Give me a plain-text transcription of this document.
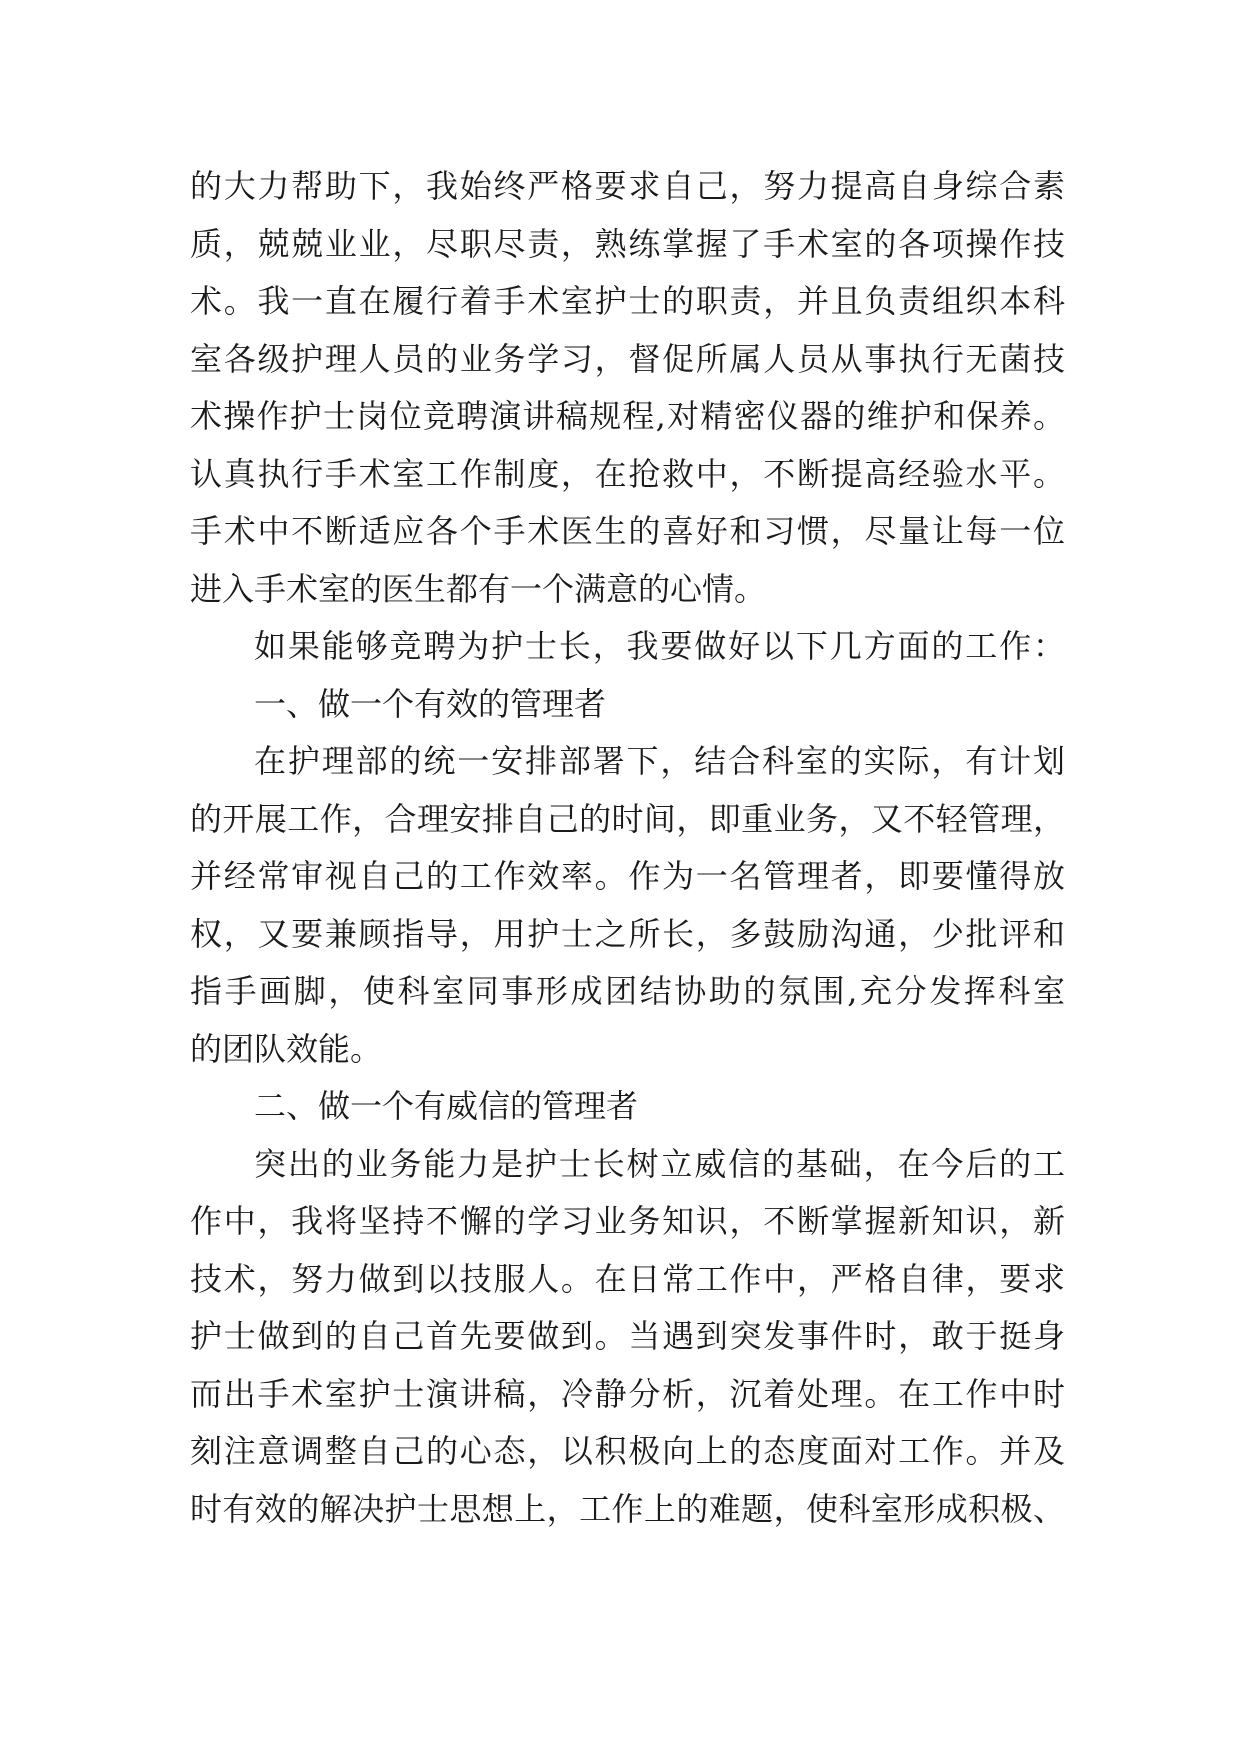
的大力帮助下，我始终严格要求自己，努力提高自身综合素
质，兢兢业业，尽职尽责，熟练掌握了手术室的各项操作技
术。我一直在履行着手术室护士的职责，并且负责组织本科
室各级护理人员的业务学习，督促所属人员从事执行无菌技
术操作护士岗位竞聘演讲稿规程,对精密仪器的维护和保养。
认真执行手术室工作制度，在抢救中，不断提高经验水平。
手术中不断适应各个手术医生的喜好和习惯，尽量让每一位
进入手术室的医生都有一个满意的心情。
如果能够竞聘为护士长，我要做好以下几方面的工作：
一、做一个有效的管理者
在护理部的统一安排部署下，结合科室的实际，有计划
的开展工作，合理安排自己的时间，即重业务，又不轻管理，
并经常审视自己的工作效率。作为一名管理者，即要懂得放
权，又要兼顾指导，用护士之所长，多鼓励沟通，少批评和
指手画脚，使科室同事形成团结协助的氛围,充分发挥科室
的团队效能。
二、做一个有威信的管理者
突出的业务能力是护士长树立威信的基础，在今后的工
作中，我将坚持不懈的学习业务知识，不断掌握新知识，新
技术，努力做到以技服人。在日常工作中，严格自律，要求
护士做到的自己首先要做到。当遇到突发事件时，敢于挺身
而出手术室护士演讲稿，冷静分析，沉着处理。在工作中时
刻注意调整自己的心态，以积极向上的态度面对工作。并及
时有效的解决护士思想上，工作上的难题，使科室形成积极、
